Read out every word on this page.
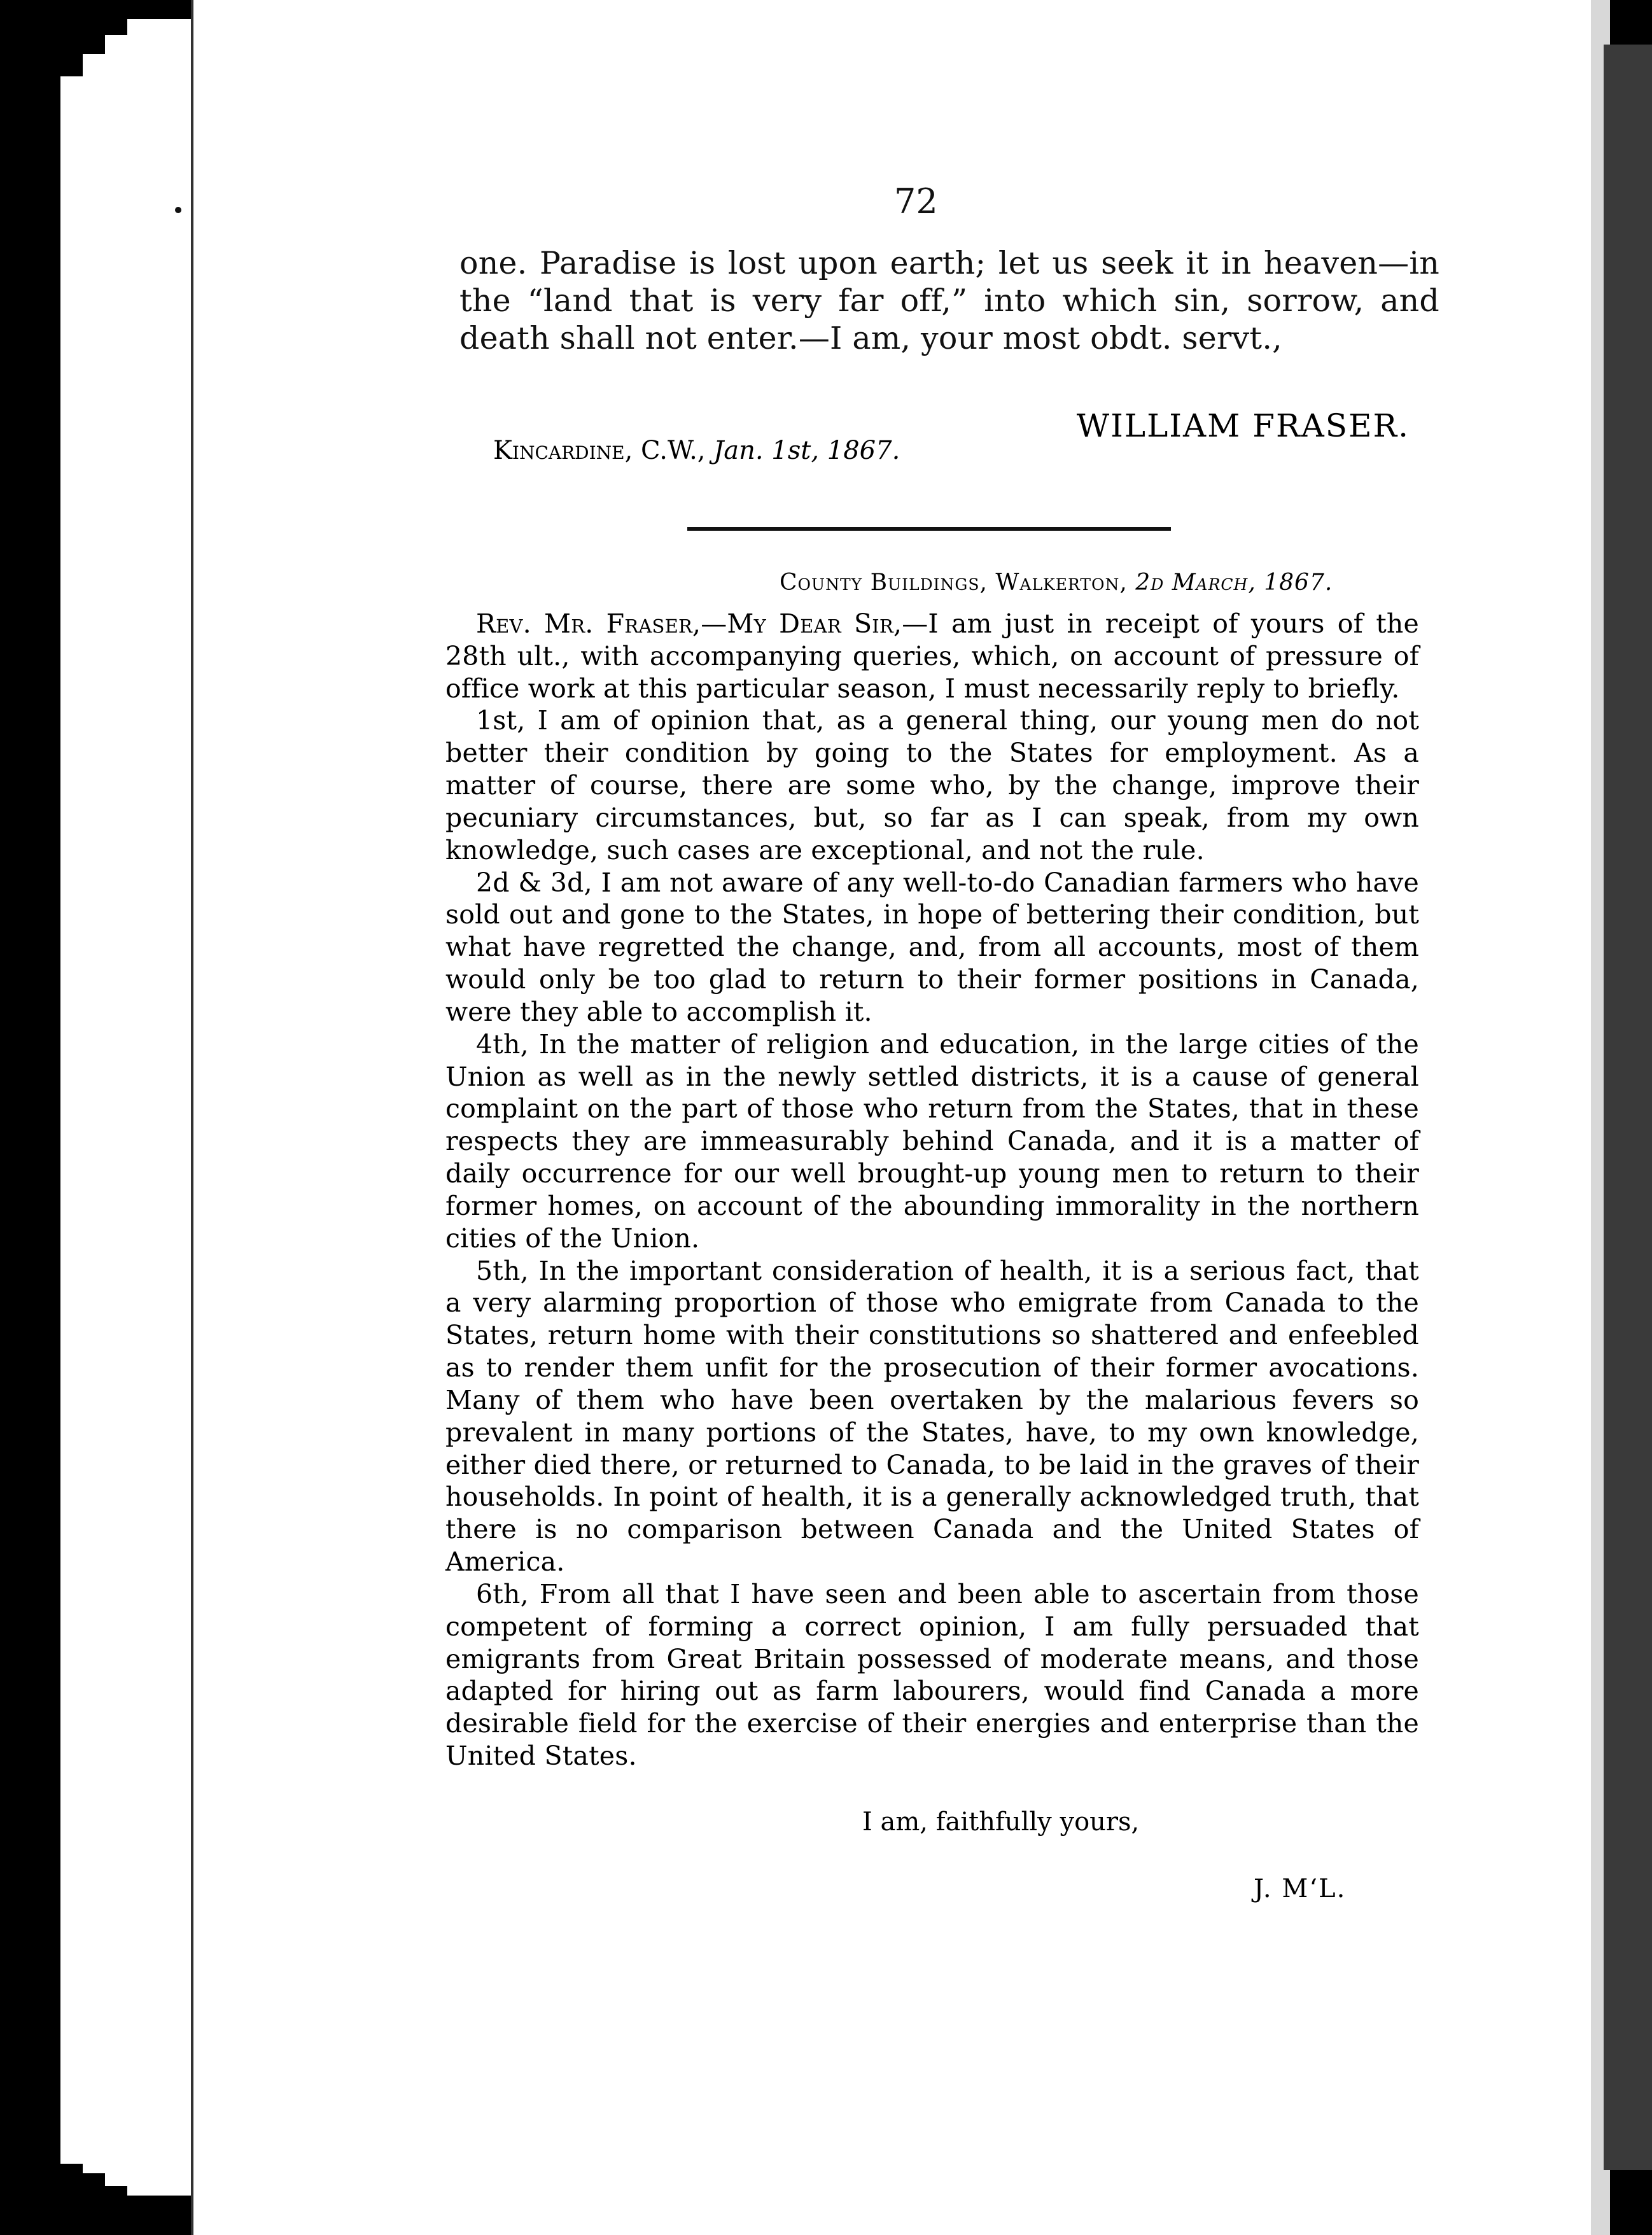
72

one. Paradise is lost upon earth; let us seek it in heaven—in the “land that is very far off,” into which sin, sorrow, and death shall not enter.—I am, your most obdt. servt.,

Kincardine, C.W., Jan. 1st, 1867.
WILLIAM FRASER.
County Buildings, Walkerton, 2d March, 1867.

Rev. Mr. Fraser,—My Dear Sir,—I am just in receipt of yours of the 28th ult., with accompanying queries, which, on account of pressure of office work at this particular season, I must necessarily reply to briefly.

1st, I am of opinion that, as a general thing, our young men do not better their condition by going to the States for employment. As a matter of course, there are some who, by the change, improve their pecuniary circumstances, but, so far as I can speak, from my own knowledge, such cases are exceptional, and not the rule.

2d & 3d, I am not aware of any well-to-do Canadian farmers who have sold out and gone to the States, in hope of bettering their condition, but what have regretted the change, and, from all accounts, most of them would only be too glad to return to their former positions in Canada, were they able to accomplish it.

4th, In the matter of religion and education, in the large cities of the Union as well as in the newly settled districts, it is a cause of general complaint on the part of those who return from the States, that in these respects they are immeasurably behind Canada, and it is a matter of daily occurrence for our well brought-up young men to return to their former homes, on account of the abounding immorality in the northern cities of the Union.

5th, In the important consideration of health, it is a serious fact, that a very alarming proportion of those who emigrate from Canada to the States, return home with their constitutions so shattered and enfeebled as to render them unfit for the prosecution of their former avocations. Many of them who have been overtaken by the malarious fevers so prevalent in many portions of the States, have, to my own knowledge, either died there, or returned to Canada, to be laid in the graves of their households. In point of health, it is a generally acknowledged truth, that there is no comparison between Canada and the United States of America.

6th, From all that I have seen and been able to ascertain from those competent of forming a correct opinion, I am fully persuaded that emigrants from Great Britain possessed of moderate means, and those adapted for hiring out as farm labourers, would find Canada a more desirable field for the exercise of their energies and enterprise than the United States.

I am, faithfully yours,
J. M‘L.
